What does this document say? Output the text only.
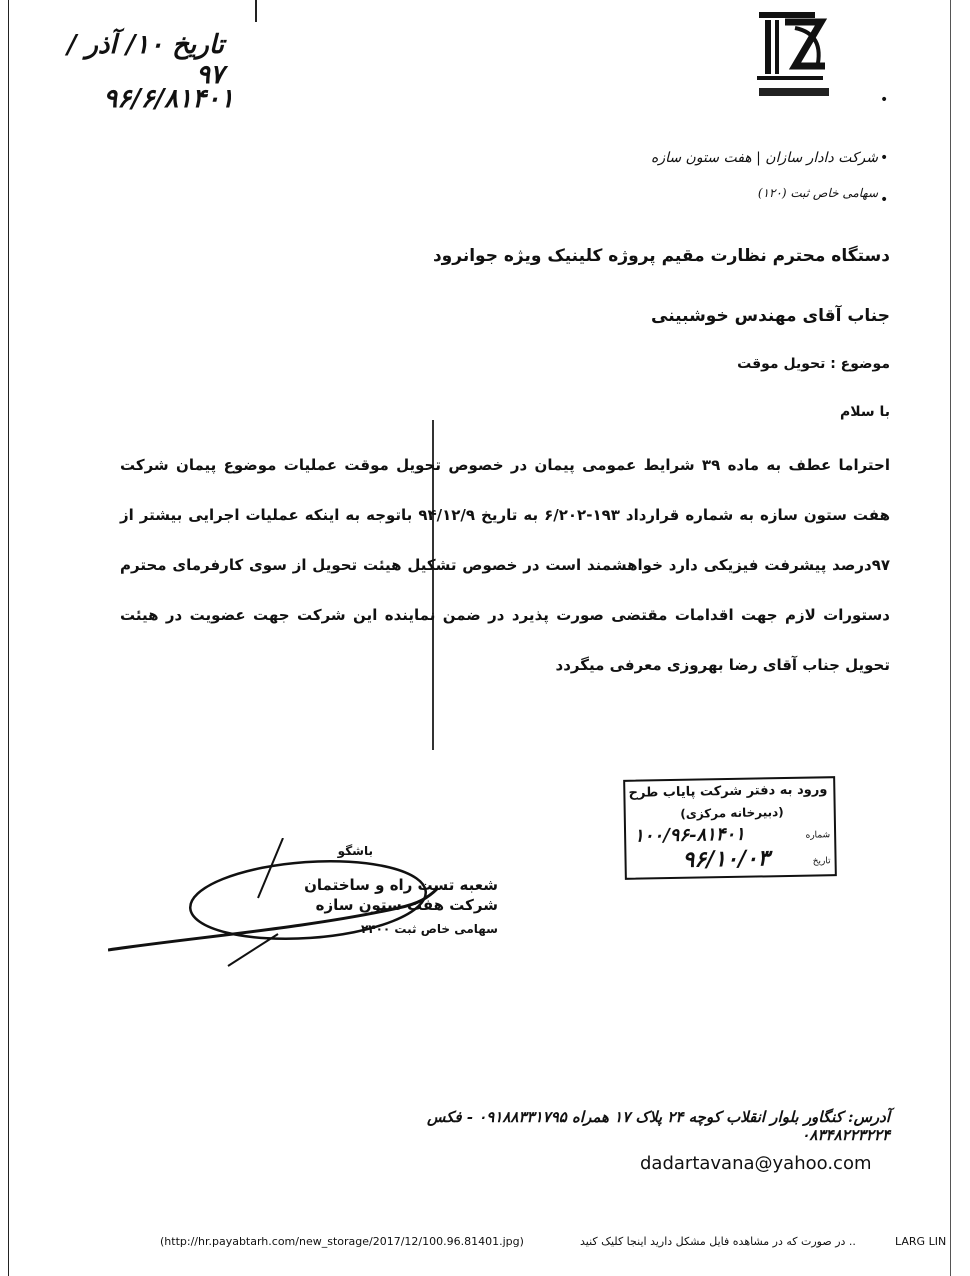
تاریخ ۱۰/ آذر /۹۷
۹۶/۶/۸۱۴۰۱
شرکت دادار سازان | هفت ستون سازه
سهامی خاص ثبت (۱۲۰)
•
•
•
دستگاه محترم نظارت مقیم پروژه کلینیک ویژه جوانرود
جناب آقای مهندس خوشبینی
موضوع : تحویل موقت
با سلام
احتراما عطف به ماده ۳۹ شرایط عمومی پیمان در خصوص تحویل موقت عملیات موضوع پیمان شرکت هفت ستون سازه به شماره قرارداد ۱۹۳-۶/۲۰۲ به تاریخ ۹۴/۱۲/۹ باتوجه به اینکه عملیات اجرایی بیشتر از ۹۷درصد پیشرفت فیزیکی دارد خواهشمند است در خصوص تشکیل هیئت تحویل از سوی کارفرمای محترم دستورات لازم جهت اقدامات مقتضی صورت پذیرد در ضمن نماینده این شرکت جهت عضویت در هیئت تحویل جناب آقای رضا بهروزی معرفی میگردد
ورود به دفتر شرکت پایاب طرح
(دبیرخانه مرکزی)
شماره
۱۰۰/۹۶-۸۱۴۰۱
تاریخ
۹۶/۱۰/۰۳
باشگو
شعبه تست راه و ساختمان
شرکت هفت ستون سازه
سهامی خاص ثبت ۲۴۰۰
آدرس: کنگاور بلوار انقلاب کوچه ۲۴ پلاک ۱۷ همراه ۰۹۱۸۸۳۳۱۷۹۵ - فکس ۰۸۳۴۸۲۲۳۲۲۴
dadartavana@yahoo.com
(http://hr.payabtarh.com/new_storage/2017/12/100.96.81401.jpg)	.. در صورت که در مشاهده فایل مشکل دارید اینجا کلیک کنید	LARG LIN
